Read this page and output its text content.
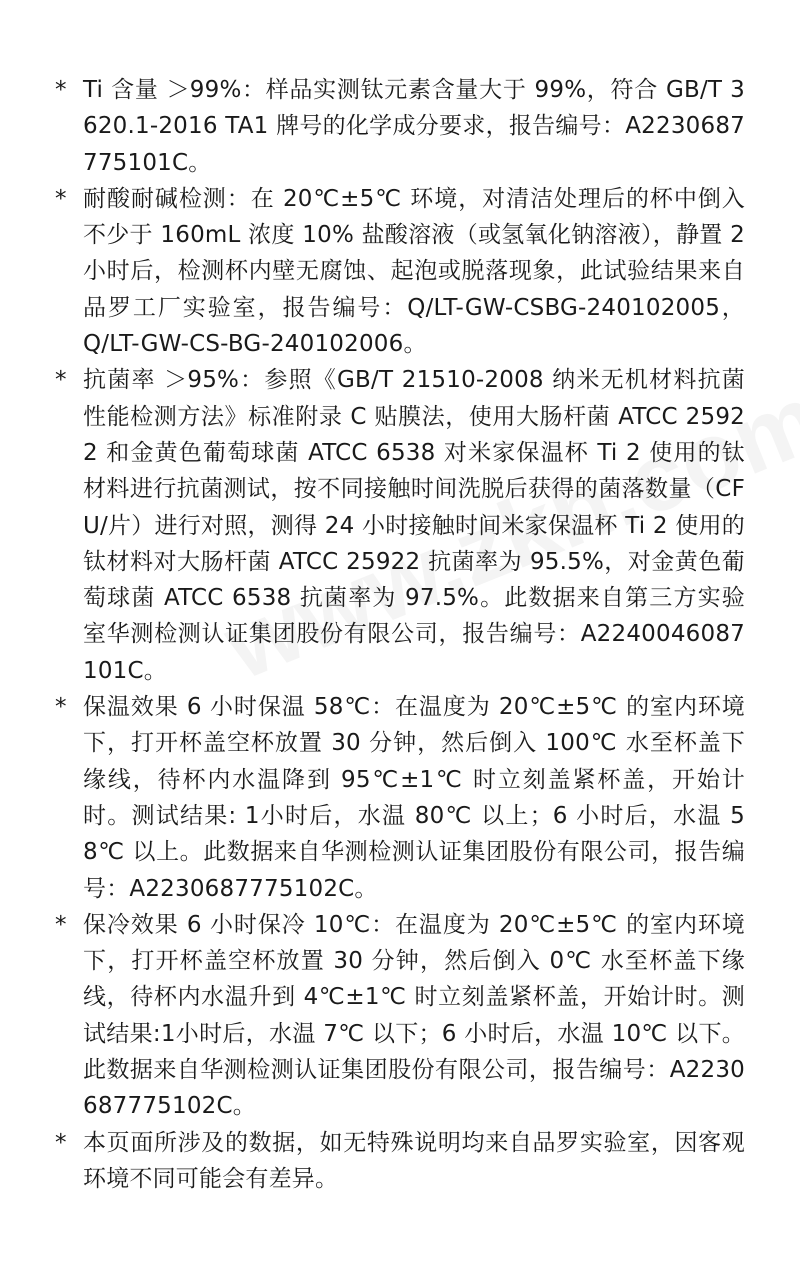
* Ti 含量 ＞99%：样品实测钛元素含量大于 99%，符合 GB/T 3620.1-2016 TA1 牌号的化学成分要求，报告编号：A2230687775101C。
* 耐酸耐碱检测：在 20℃±5℃ 环境，对清洁处理后的杯中倒入不少于 160mL 浓度 10% 盐酸溶液（或氢氧化钠溶液），静置 2 小时后，检测杯内壁无腐蚀、起泡或脱落现象，此试验结果来自品罗工厂实验室，报告编号：Q/LT-GW-CSBG-240102005，Q/LT-GW-CS-BG-240102006。
* 抗菌率 ＞95%：参照《GB/T 21510-2008 纳米无机材料抗菌性能检测方法》标准附录 C 贴膜法，使用大肠杆菌 ATCC 25922 和金黄色葡萄球菌 ATCC 6538 对米家保温杯 Ti 2 使用的钛材料进行抗菌测试，按不同接触时间洗脱后获得的菌落数量（CFU/片）进行对照，测得 24 小时接触时间米家保温杯 Ti 2 使用的钛材料对大肠杆菌 ATCC 25922 抗菌率为 95.5%，对金黄色葡萄球菌 ATCC 6538 抗菌率为 97.5%。此数据来自第三方实验室华测检测认证集团股份有限公司，报告编号：A2240046087101C。
* 保温效果 6 小时保温 58℃：在温度为 20℃±5℃ 的室内环境下，打开杯盖空杯放置 30 分钟，然后倒入 100℃ 水至杯盖下缘线，待杯内水温降到 95℃±1℃ 时立刻盖紧杯盖，开始计时。测试结果: 1小时后，水温 80℃ 以上；6 小时后，水温 58℃ 以上。此数据来自华测检测认证集团股份有限公司，报告编号：A2230687775102C。
* 保冷效果 6 小时保冷 10℃：在温度为 20℃±5℃ 的室内环境下，打开杯盖空杯放置 30 分钟，然后倒入 0℃ 水至杯盖下缘线，待杯内水温升到 4℃±1℃ 时立刻盖紧杯盖，开始计时。测试结果:1小时后，水温 7℃ 以下；6 小时后，水温 10℃ 以下。此数据来自华测检测认证集团股份有限公司，报告编号：A2230687775102C。
* 本页面所涉及的数据，如无特殊说明均来自品罗实验室，因客观环境不同可能会有差异。
